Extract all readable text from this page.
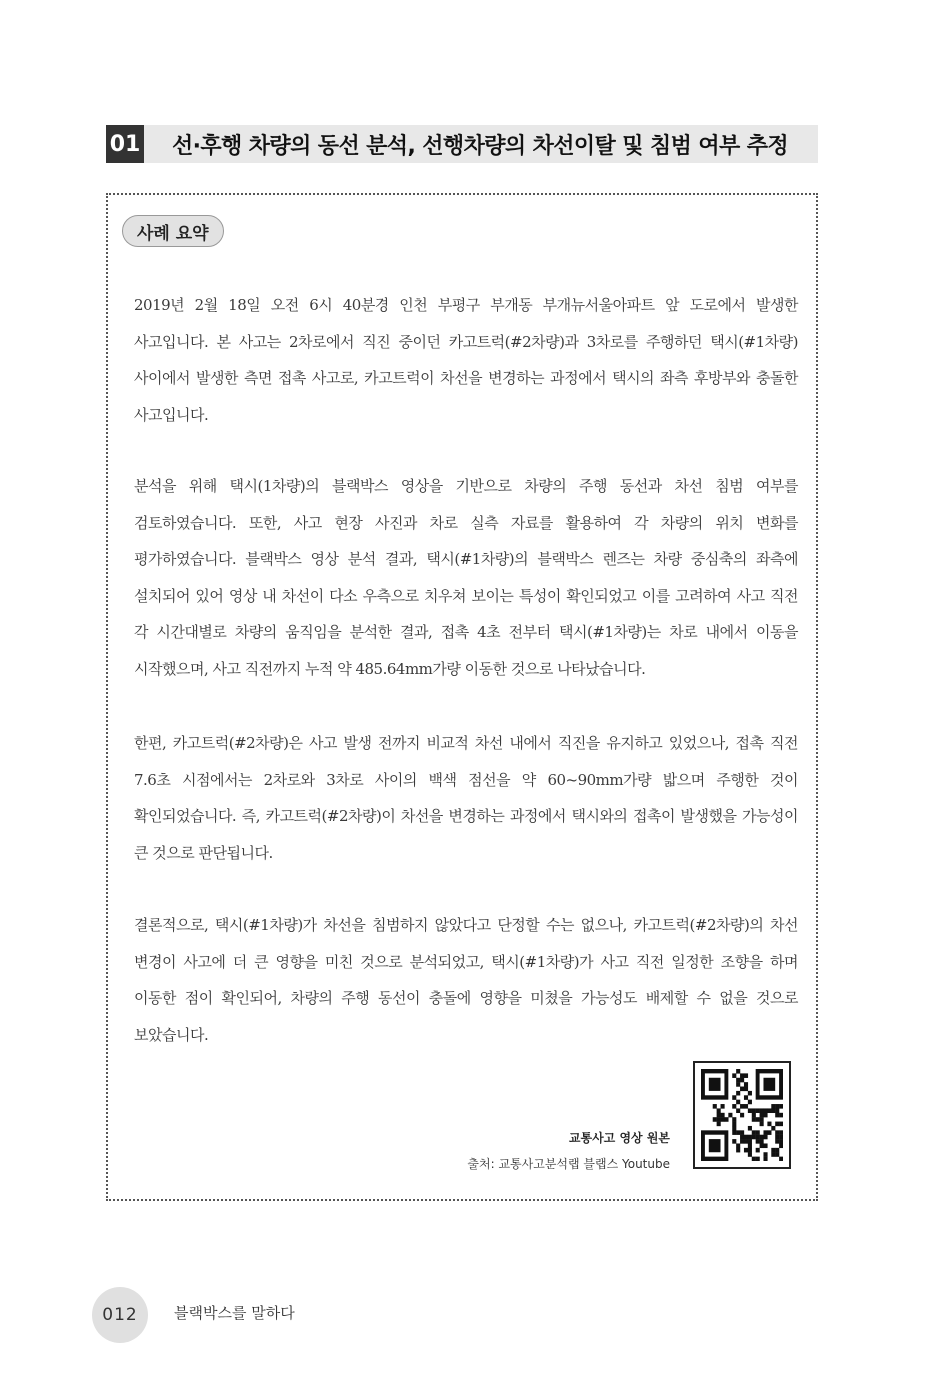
01 선·후행 차량의 동선 분석, 선행차량의 차선이탈 및 침범 여부 추정
사례 요약

2019년 2월 18일 오전 6시 40분경 인천 부평구 부개동 부개뉴서울아파트 앞 도로에서 발생한 사고입니다. 본 사고는 2차로에서 직진 중이던 카고트럭(#2차량)과 3차로를 주행하던 택시(#1차량) 사이에서 발생한 측면 접촉 사고로, 카고트럭이 차선을 변경하는 과정에서 택시의 좌측 후방부와 충돌한 사고입니다.

분석을 위해 택시(1차량)의 블랙박스 영상을 기반으로 차량의 주행 동선과 차선 침범 여부를 검토하였습니다. 또한, 사고 현장 사진과 차로 실측 자료를 활용하여 각 차량의 위치 변화를 평가하였습니다. 블랙박스 영상 분석 결과, 택시(#1차량)의 블랙박스 렌즈는 차량 중심축의 좌측에 설치되어 있어 영상 내 차선이 다소 우측으로 치우쳐 보이는 특성이 확인되었고 이를 고려하여 사고 직전 각 시간대별로 차량의 움직임을 분석한 결과, 접촉 4초 전부터 택시(#1차량)는 차로 내에서 이동을 시작했으며, 사고 직전까지 누적 약 485.64mm가량 이동한 것으로 나타났습니다.

한편, 카고트럭(#2차량)은 사고 발생 전까지 비교적 차선 내에서 직진을 유지하고 있었으나, 접촉 직전 7.6초 시점에서는 2차로와 3차로 사이의 백색 점선을 약 60~90mm가량 밟으며 주행한 것이 확인되었습니다. 즉, 카고트럭(#2차량)이 차선을 변경하는 과정에서 택시와의 접촉이 발생했을 가능성이 큰 것으로 판단됩니다.

결론적으로, 택시(#1차량)가 차선을 침범하지 않았다고 단정할 수는 없으나, 카고트럭(#2차량)의 차선 변경이 사고에 더 큰 영향을 미친 것으로 분석되었고, 택시(#1차량)가 사고 직전 일정한 조향을 하며 이동한 점이 확인되어, 차량의 주행 동선이 충돌에 영향을 미쳤을 가능성도 배제할 수 없을 것으로 보았습니다.

교통사고 영상 원본
출처: 교통사고분석랩 블랩스 Youtube
012	블랙박스를 말하다
